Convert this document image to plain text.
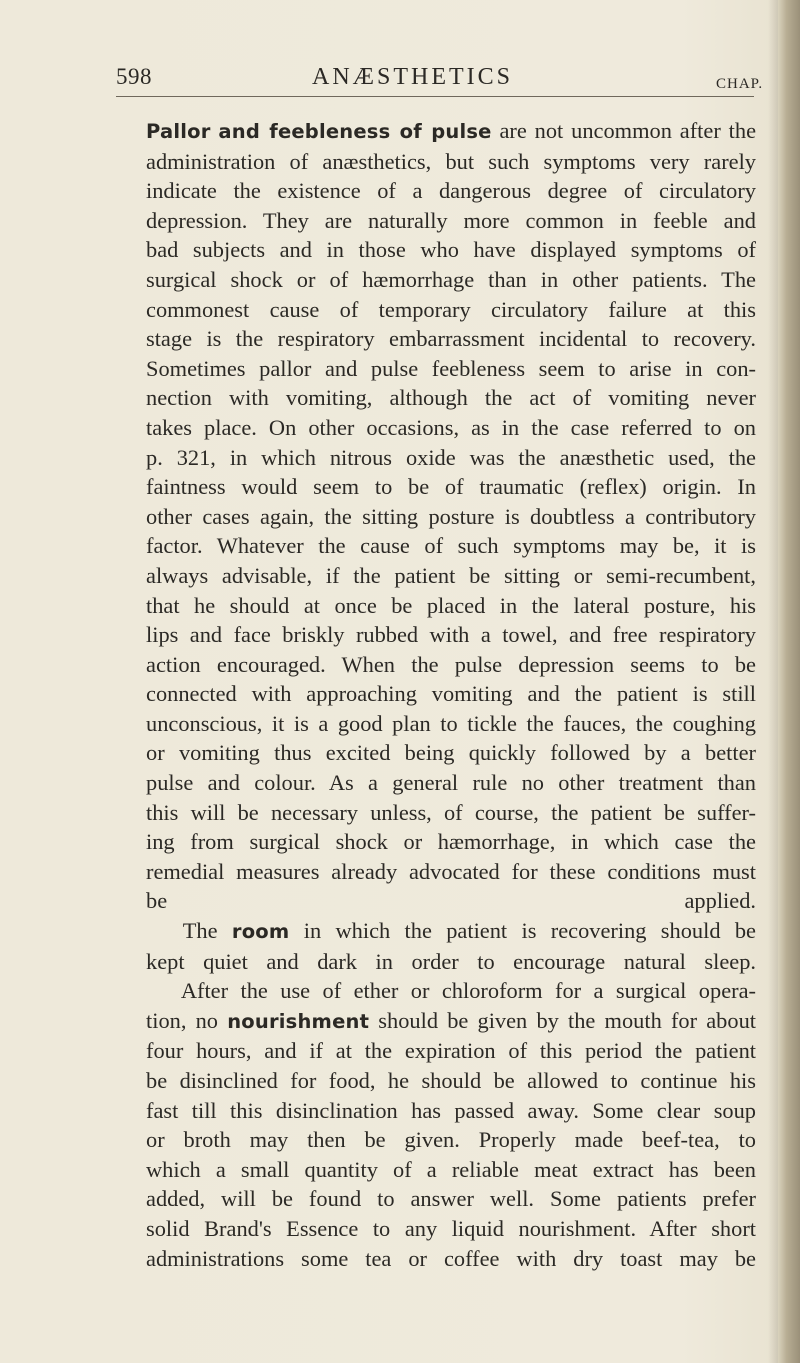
598	ANÆSTHETICS	CHAP.

Pallor and feebleness of pulse are not uncommon after the
administration of anæsthetics, but such symptoms very rarely
indicate the existence of a dangerous degree of circulatory
depression. They are naturally more common in feeble and
bad subjects and in those who have displayed symptoms of
surgical shock or of hæmorrhage than in other patients. The
commonest cause of temporary circulatory failure at this
stage is the respiratory embarrassment incidental to recovery.
Sometimes pallor and pulse feebleness seem to arise in con-
nection with vomiting, although the act of vomiting never
takes place. On other occasions, as in the case referred to on
p. 321, in which nitrous oxide was the anæsthetic used, the
faintness would seem to be of traumatic (reflex) origin. In
other cases again, the sitting posture is doubtless a contributory
factor. Whatever the cause of such symptoms may be, it is
always advisable, if the patient be sitting or semi-recumbent,
that he should at once be placed in the lateral posture, his
lips and face briskly rubbed with a towel, and free respiratory
action encouraged. When the pulse depression seems to be
connected with approaching vomiting and the patient is still
unconscious, it is a good plan to tickle the fauces, the coughing
or vomiting thus excited being quickly followed by a better
pulse and colour. As a general rule no other treatment than
this will be necessary unless, of course, the patient be suffer-
ing from surgical shock or hæmorrhage, in which case the
remedial measures already advocated for these conditions must
be applied.

  The room in which the patient is recovering should be
kept quiet and dark in order to encourage natural sleep.

  After the use of ether or chloroform for a surgical opera-
tion, no nourishment should be given by the mouth for about
four hours, and if at the expiration of this period the patient
be disinclined for food, he should be allowed to continue his
fast till this disinclination has passed away. Some clear soup
or broth may then be given. Properly made beef-tea, to
which a small quantity of a reliable meat extract has been
added, will be found to answer well. Some patients prefer
solid Brand's Essence to any liquid nourishment. After short
administrations some tea or coffee with dry toast may be
